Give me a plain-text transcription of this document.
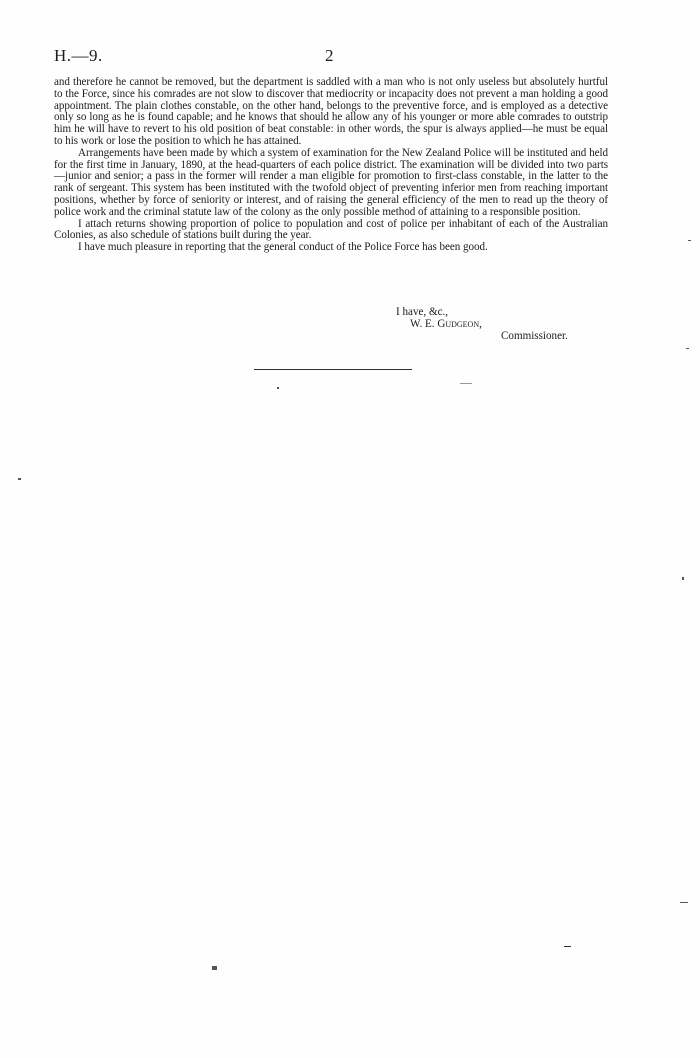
H.—9.	2

and therefore he cannot be removed, but the department is saddled with a man who is not only useless but absolutely hurtful to the Force, since his comrades are not slow to discover that mediocrity or incapacity does not prevent a man holding a good appointment. The plain clothes constable, on the other hand, belongs to the preventive force, and is employed as a detective only so long as he is found capable; and he knows that should he allow any of his younger or more able comrades to outstrip him he will have to revert to his old position of beat constable: in other words, the spur is always applied—he must be equal to his work or lose the position to which he has attained.

Arrangements have been made by which a system of examination for the New Zealand Police will be instituted and held for the first time in January, 1890, at the head-quarters of each police district. The examination will be divided into two parts—junior and senior; a pass in the former will render a man eligible for promotion to first-class constable, in the latter to the rank of sergeant. This system has been instituted with the twofold object of preventing inferior men from reaching important positions, whether by force of seniority or interest, and of raising the general efficiency of the men to read up the theory of police work and the criminal statute law of the colony as the only possible method of attaining to a responsible position.

I attach returns showing proportion of police to population and cost of police per inhabitant of each of the Australian Colonies, as also schedule of stations built during the year.

I have much pleasure in reporting that the general conduct of the Police Force has been good.

I have, &c.,
W. E. Gudgeon,
Commissioner.
